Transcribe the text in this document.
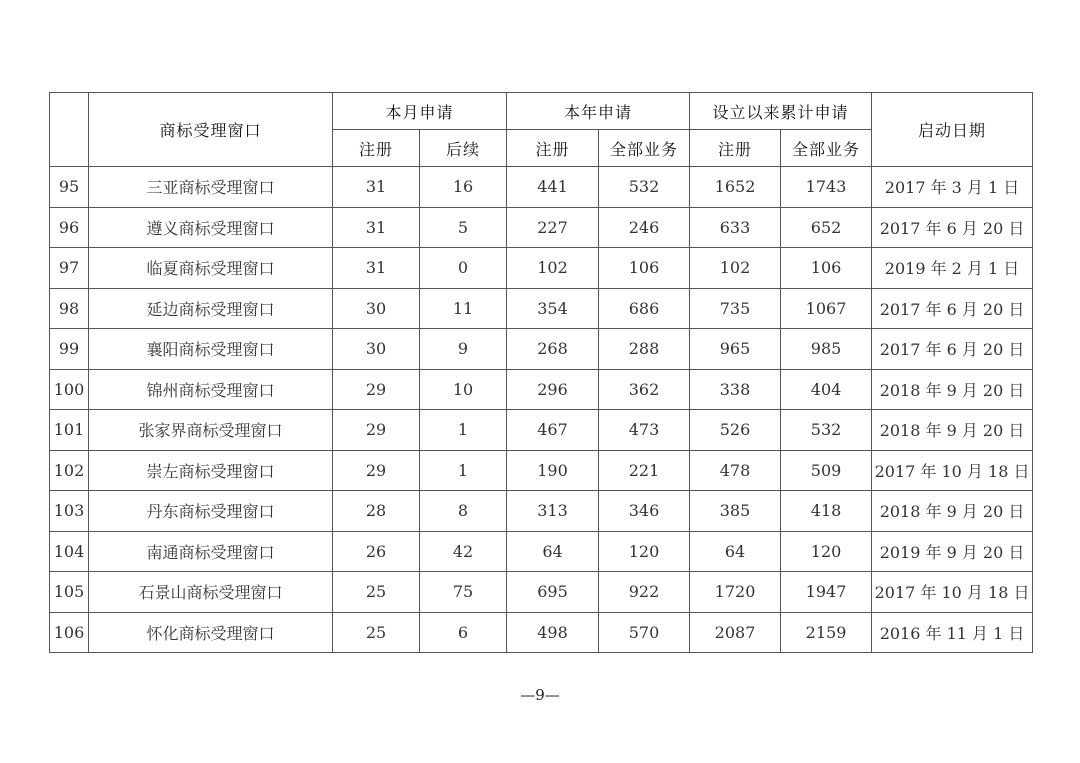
	商标受理窗口	本月申请		本年申请		设立以来累计申请		启动日期
		注册	后续	注册	全部业务	注册	全部业务	
95	三亚商标受理窗口	31	16	441	532	1652	1743	2017 年 3 月 1 日
96	遵义商标受理窗口	31	5	227	246	633	652	2017 年 6 月 20 日
97	临夏商标受理窗口	31	0	102	106	102	106	2019 年 2 月 1 日
98	延边商标受理窗口	30	11	354	686	735	1067	2017 年 6 月 20 日
99	襄阳商标受理窗口	30	9	268	288	965	985	2017 年 6 月 20 日
100	锦州商标受理窗口	29	10	296	362	338	404	2018 年 9 月 20 日
101	张家界商标受理窗口	29	1	467	473	526	532	2018 年 9 月 20 日
102	崇左商标受理窗口	29	1	190	221	478	509	2017 年 10 月 18 日
103	丹东商标受理窗口	28	8	313	346	385	418	2018 年 9 月 20 日
104	南通商标受理窗口	26	42	64	120	64	120	2019 年 9 月 20 日
105	石景山商标受理窗口	25	75	695	922	1720	1947	2017 年 10 月 18 日
106	怀化商标受理窗口	25	6	498	570	2087	2159	2016 年 11 月 1 日
—9—
